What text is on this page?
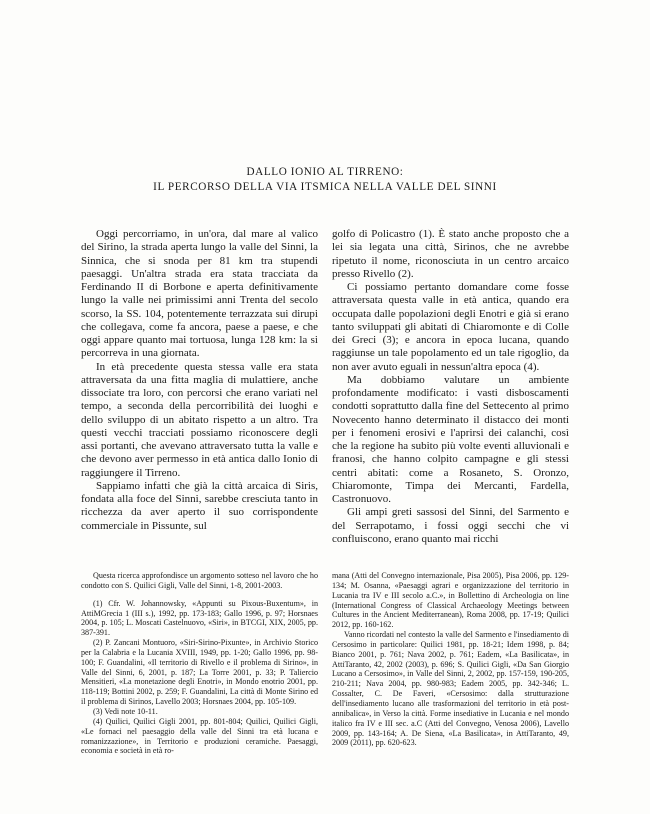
DALLO IONIO AL TIRRENO:
IL PERCORSO DELLA VIA ITSMICA NELLA VALLE DEL SINNI

Oggi percorriamo, in un'ora, dal mare al valico del Sirino, la strada aperta lungo la valle del Sinni, la Sinnica, che si snoda per 81 km tra stupendi paesaggi. Un'altra strada era stata tracciata da Ferdinando II di Borbone e aperta definitivamente lungo la valle nei primissimi anni Trenta del secolo scorso, la SS. 104, potentemente terrazzata sui dirupi che collegava, come fa ancora, paese a paese, e che oggi appare quanto mai tortuosa, lunga 128 km: la si percorreva in una giornata.

In età precedente questa stessa valle era stata attraversata da una fitta maglia di mulattiere, anche dissociate tra loro, con percorsi che erano variati nel tempo, a seconda della percorribilità dei luoghi e dello sviluppo di un abitato rispetto a un altro. Tra questi vecchi tracciati possiamo riconoscere degli assi portanti, che avevano attraversato tutta la valle e che devono aver permesso in età antica dallo Ionio di raggiungere il Tirreno.

Sappiamo infatti che già la città arcaica di Siris, fondata alla foce del Sinni, sarebbe cresciuta tanto in ricchezza da aver aperto il suo corrispondente commerciale in Pissunte, sul

golfo di Policastro (1). È stato anche proposto che a lei sia legata una città, Sirinos, che ne avrebbe ripetuto il nome, riconosciuta in un centro arcaico presso Rivello (2).

Ci possiamo pertanto domandare come fosse attraversata questa valle in età antica, quando era occupata dalle popolazioni degli Enotri e già si erano tanto sviluppati gli abitati di Chiaromonte e di Colle dei Greci (3); e ancora in epoca lucana, quando raggiunse un tale popolamento ed un tale rigoglio, da non aver avuto eguali in nessun'altra epoca (4).

Ma dobbiamo valutare un ambiente profondamente modificato: i vasti disboscamenti condotti soprattutto dalla fine del Settecento al primo Novecento hanno determinato il distacco dei monti per i fenomeni erosivi e l'aprirsi dei calanchi, così che la regione ha subito più volte eventi alluvionali e franosi, che hanno colpito campagne e gli stessi centri abitati: come a Rosaneto, S. Oronzo, Chiaromonte, Timpa dei Mercanti, Fardella, Castronuovo.

Gli ampi greti sassosi del Sinni, del Sarmento e del Serrapotamo, i fossi oggi secchi che vi confluiscono, erano quanto mai ricchi

Questa ricerca approfondisce un argomento sotteso nel lavoro che ho condotto con S. Quilici Gigli, Valle del Sinni, 1-8, 2001-2003.

(1) Cfr. W. Johannowsky, «Appunti su Pixous-Buxentum», in AttiMGrecia 1 (III s.), 1992, pp. 173-183; Gallo 1996, p. 97; Horsnaes 2004, p. 105; L. Moscati Castelnuovo, «Siri», in BTCGI, XIX, 2005, pp. 387-391.

(2) P. Zancani Montuoro, «Siri-Sirino-Pixunte», in Archivio Storico per la Calabria e la Lucania XVIII, 1949, pp. 1-20; Gallo 1996, pp. 98-100; F. Guandalini, «Il territorio di Rivello e il problema di Sirino», in Valle del Sinni, 6, 2001, p. 187; La Torre 2001, p. 33; P. Taliercio Mensitieri, «La monetazione degli Enotri», in Mondo enotrio 2001, pp. 118-119; Bottini 2002, p. 259; F. Guandalini, La città di Monte Sirino ed il problema di Sirinos, Lavello 2003; Horsnaes 2004, pp. 105-109.

(3) Vedi note 10-11.

(4) Quilici, Quilici Gigli 2001, pp. 801-804; Quilici, Quilici Gigli, «Le fornaci nel paesaggio della valle del Sinni tra età lucana e romanizzazione», in Territorio e produzioni ceramiche. Paesaggi, economia e società in età ro-

mana (Atti del Convegno internazionale, Pisa 2005), Pisa 2006, pp. 129-134; M. Osanna, «Paesaggi agrari e organizzazione del territorio in Lucania tra IV e III secolo a.C.», in Bollettino di Archeologia on line (International Congress of Classical Archaeology Meetings between Cultures in the Ancient Mediterranean), Roma 2008, pp. 17-19; Quilici 2012, pp. 160-162.

Vanno ricordati nel contesto la valle del Sarmento e l'insediamento di Cersosimo in particolare: Quilici 1981, pp. 18-21; Idem 1998, p. 84; Bianco 2001, p. 761; Nava 2002, p. 761; Eadem, «La Basilicata», in AttiTaranto, 42, 2002 (2003), p. 696; S. Quilici Gigli, «Da San Giorgio Lucano a Cersosimo», in Valle del Sinni, 2, 2002, pp. 157-159, 190-205, 210-211; Nava 2004, pp. 980-983; Eadem 2005, pp. 342-346; L. Cossalter, C. De Faveri, «Cersosimo: dalla strutturazione dell'insediamento lucano alle trasformazioni del territorio in età post-annibalica», in Verso la città. Forme insediative in Lucania e nel mondo italico fra IV e III sec. a.C (Atti del Convegno, Venosa 2006), Lavello 2009, pp. 143-164; A. De Siena, «La Basilicata», in AttiTaranto, 49, 2009 (2011), pp. 620-623.
